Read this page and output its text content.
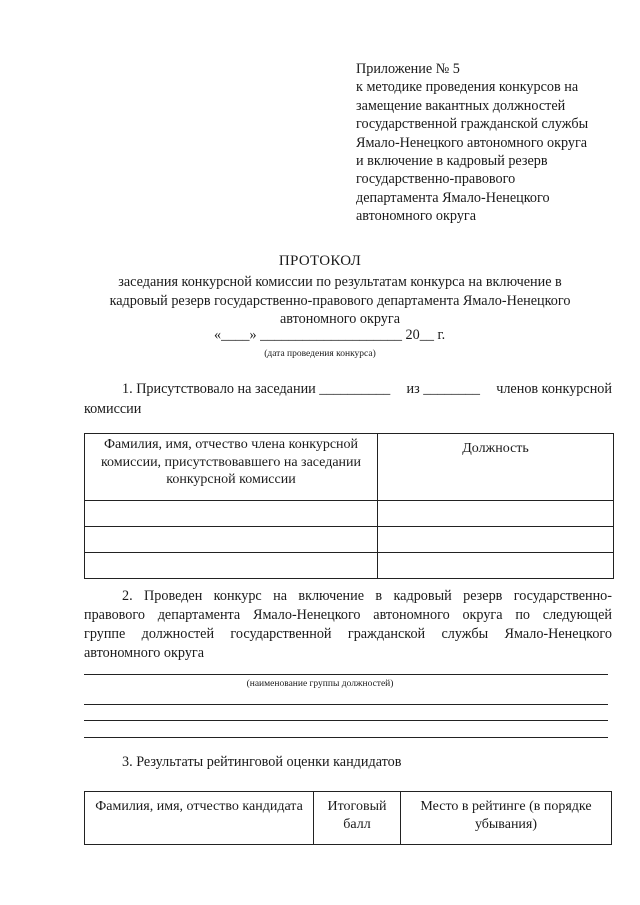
Приложение № 5
к методике проведения конкурсов на
замещение вакантных должностей
государственной гражданской службы
Ямало-Ненецкого автономного округа
и включение в кадровый резерв
государственно-правового
департамента Ямало-Ненецкого
автономного округа
ПРОТОКОЛ
заседания конкурсной комиссии по результатам конкурса на включение в
кадровый резерв государственно-правового департамента Ямало-Ненецкого
автономного округа
«____» ____________________ 20__ г.
(дата проведения конкурса)
1. Присутствовало на заседании __________ из ________ членов конкурсной
комиссии
Фамилия, имя, отчество члена конкурсной комиссии, присутствовавшего на заседании конкурсной комиссии	Должность

2. Проведен конкурс на включение в кадровый резерв государственно-
правового департамента Ямало-Ненецкого автономного округа по следующей
группе должностей государственной гражданской службы Ямало-Ненецкого
автономного округа
(наименование группы должностей)
3. Результаты рейтинговой оценки кандидатов
Фамилия, имя, отчество кандидата	Итоговый балл	Место в рейтинге (в порядке убывания)
